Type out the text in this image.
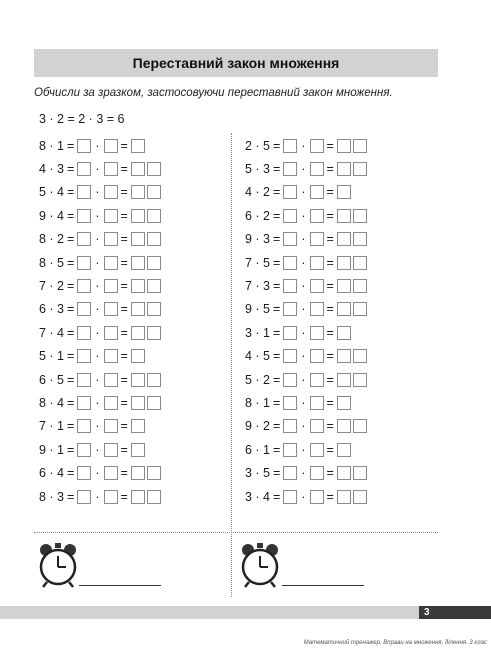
Переставний закон множення
Обчисли за зразком, застосовуючи переставний закон множення.
3 · 2 = 2 · 3 = 6
8 · 1 = · =
4 · 3 = · =
5 · 4 = · =
9 · 4 = · =
8 · 2 = · =
8 · 5 = · =
7 · 2 = · =
6 · 3 = · =
7 · 4 = · =
5 · 1 = · =
6 · 5 = · =
8 · 4 = · =
7 · 1 = · =
9 · 1 = · =
6 · 4 = · =
8 · 3 = · =
2 · 5 = · =
5 · 3 = · =
4 · 2 = · =
6 · 2 = · =
9 · 3 = · =
7 · 5 = · =
7 · 3 = · =
9 · 5 = · =
3 · 1 = · =
4 · 5 = · =
5 · 2 = · =
8 · 1 = · =
9 · 2 = · =
6 · 1 = · =
3 · 5 = · =
3 · 4 = · =
3
Математичний тренажер. Вправи на множення, ділення. 3 клас
